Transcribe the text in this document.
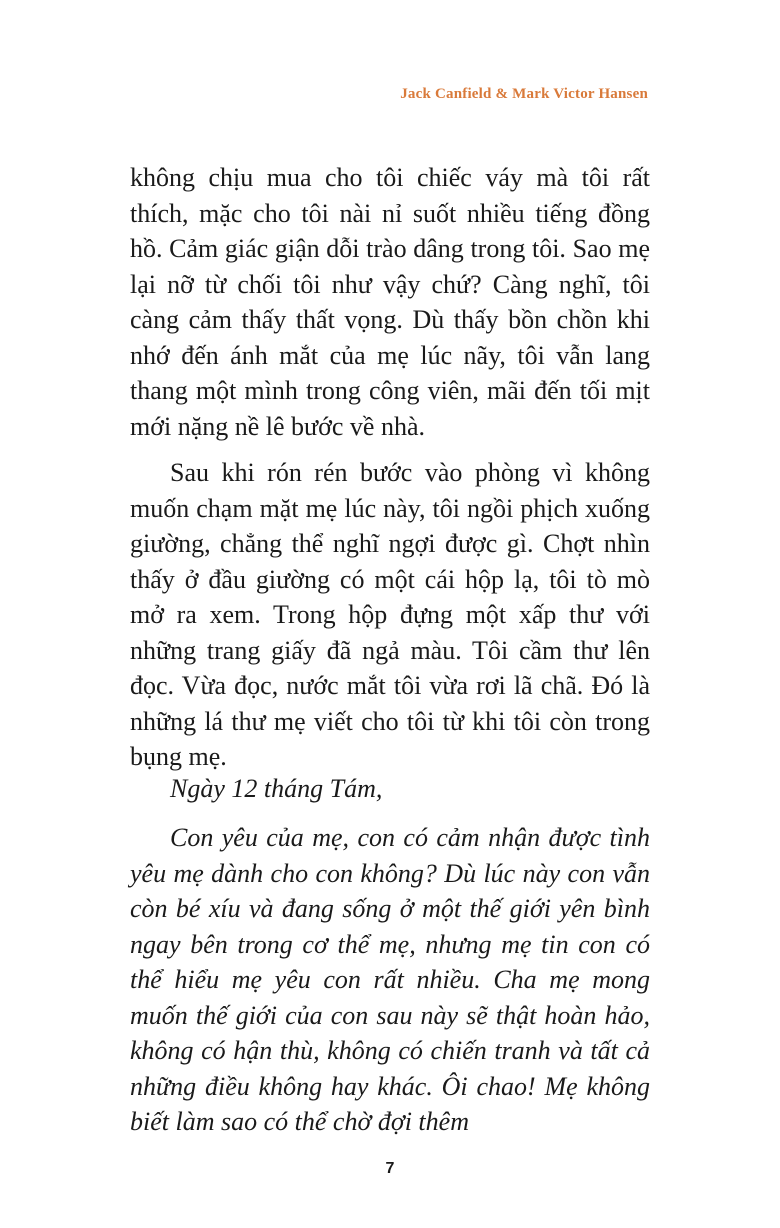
Jack Canfield & Mark Victor Hansen

không chịu mua cho tôi chiếc váy mà tôi rất thích, mặc cho tôi nài nỉ suốt nhiều tiếng đồng hồ. Cảm giác giận dỗi trào dâng trong tôi. Sao mẹ lại nỡ từ chối tôi như vậy chứ? Càng nghĩ, tôi càng cảm thấy thất vọng. Dù thấy bồn chồn khi nhớ đến ánh mắt của mẹ lúc nãy, tôi vẫn lang thang một mình trong công viên, mãi đến tối mịt mới nặng nề lê bước về nhà.

Sau khi rón rén bước vào phòng vì không muốn chạm mặt mẹ lúc này, tôi ngồi phịch xuống giường, chẳng thể nghĩ ngợi được gì. Chợt nhìn thấy ở đầu giường có một cái hộp lạ, tôi tò mò mở ra xem. Trong hộp đựng một xấp thư với những trang giấy đã ngả màu. Tôi cầm thư lên đọc. Vừa đọc, nước mắt tôi vừa rơi lã chã. Đó là những lá thư mẹ viết cho tôi từ khi tôi còn trong bụng mẹ.

Ngày 12 tháng Tám,

Con yêu của mẹ, con có cảm nhận được tình yêu mẹ dành cho con không? Dù lúc này con vẫn còn bé xíu và đang sống ở một thế giới yên bình ngay bên trong cơ thể mẹ, nhưng mẹ tin con có thể hiểu mẹ yêu con rất nhiều. Cha mẹ mong muốn thế giới của con sau này sẽ thật hoàn hảo, không có hận thù, không có chiến tranh và tất cả những điều không hay khác. Ôi chao! Mẹ không biết làm sao có thể chờ đợi thêm

7
